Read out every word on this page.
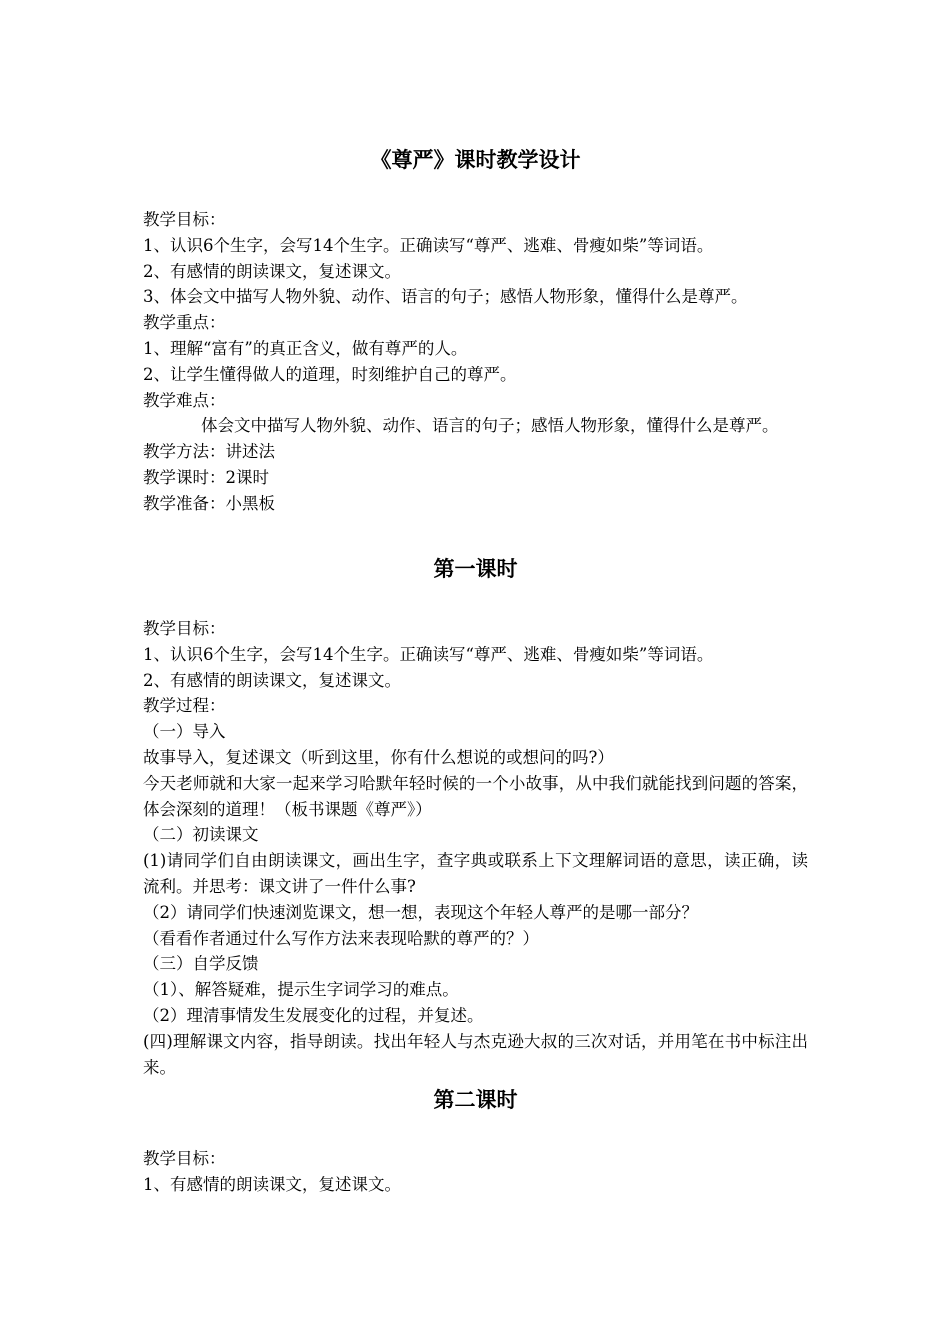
《尊严》课时教学设计
教学目标：
1、认识6个生字，会写14个生字。正确读写“尊严、逃难、骨瘦如柴”等词语。
2、有感情的朗读课文，复述课文。
3、体会文中描写人物外貌、动作、语言的句子；感悟人物形象，懂得什么是尊严。
教学重点：
1、理解“富有”的真正含义，做有尊严的人。
2、让学生懂得做人的道理，时刻维护自己的尊严。
教学难点：
体会文中描写人物外貌、动作、语言的句子；感悟人物形象，懂得什么是尊严。
教学方法：讲述法
教学课时：2课时
教学准备：小黑板
第一课时
教学目标：
1、认识6个生字，会写14个生字。正确读写“尊严、逃难、骨瘦如柴”等词语。
2、有感情的朗读课文，复述课文。
教学过程：
（一）导入
故事导入，复述课文（听到这里，你有什么想说的或想问的吗?）
今天老师就和大家一起来学习哈默年轻时候的一个小故事，从中我们就能找到问题的答案，体会深刻的道理！（板书课题《尊严》）
（二）初读课文
(1)请同学们自由朗读课文，画出生字，查字典或联系上下文理解词语的意思，读正确，读流利。并思考：课文讲了一件什么事?
（2）请同学们快速浏览课文，想一想，表现这个年轻人尊严的是哪一部分？
（看看作者通过什么写作方法来表现哈默的尊严的？）
（三）自学反馈
（1）、解答疑难，提示生字词学习的难点。
（2）理清事情发生发展变化的过程，并复述。
(四)理解课文内容，指导朗读。找出年轻人与杰克逊大叔的三次对话，并用笔在书中标注出来。
第二课时
教学目标：
1、有感情的朗读课文，复述课文。
